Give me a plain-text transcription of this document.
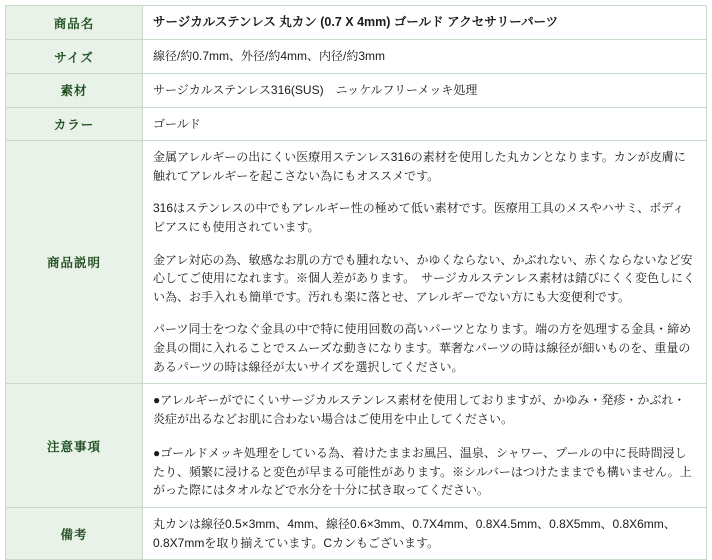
商品名	サージカルステンレス 丸カン (0.7 X 4mm) ゴールド アクセサリーパーツ
サイズ	線径/約0.7mm、外径/約4mm、内径/約3mm
素材	サージカルステンレス316(SUS)　ニッケルフリーメッキ処理
カラー	ゴールド
商品説明	金属アレルギーの出にくい医療用ステンレス316の素材を使用した丸カンとなります。カンが皮膚に触れてアレルギーを起こさない為にもオススメです。

316はステンレスの中でもアレルギー性の極めて低い素材です。医療用工具のメスやハサミ、ボディピアスにも使用されています。

金アレ対応の為、敏感なお肌の方でも腫れない、かゆくならない、かぶれない、赤くならないなど安心してご使用になれます。※個人差があります。　サージカルステンレス素材は錆びにくく変色しにくい為、お手入れも簡単です。汚れも楽に落とせ、アレルギーでない方にも大変便利です。

パーツ同士をつなぐ金具の中で特に使用回数の高いパーツとなります。端の方を処理する金具・締め金具の間に入れることでスムーズな動きになります。華奢なパーツの時は線径が細いものを、重量のあるパーツの時は線径が太いサイズを選択してください。

注意事項	●アレルギーがでにくいサージカルステンレス素材を使用しておりますが、かゆみ・発疹・かぶれ・炎症が出るなどお肌に合わない場合はご使用を中止してください。

●ゴールドメッキ処理をしている為、着けたままお風呂、温泉、シャワー、プールの中に長時間浸したり、頻繁に浸けると変色が早まる可能性があります。※シルバーはつけたままでも構いません。上がった際にはタオルなどで水分を十分に拭き取ってください。

備考	丸カンは線径0.5×3mm、4mm、線径0.6×3mm、0.7X4mm、0.8X4.5mm、0.8X5mm、0.8X6mm、0.8X7mmを取り揃えています。Cカンもございます。
